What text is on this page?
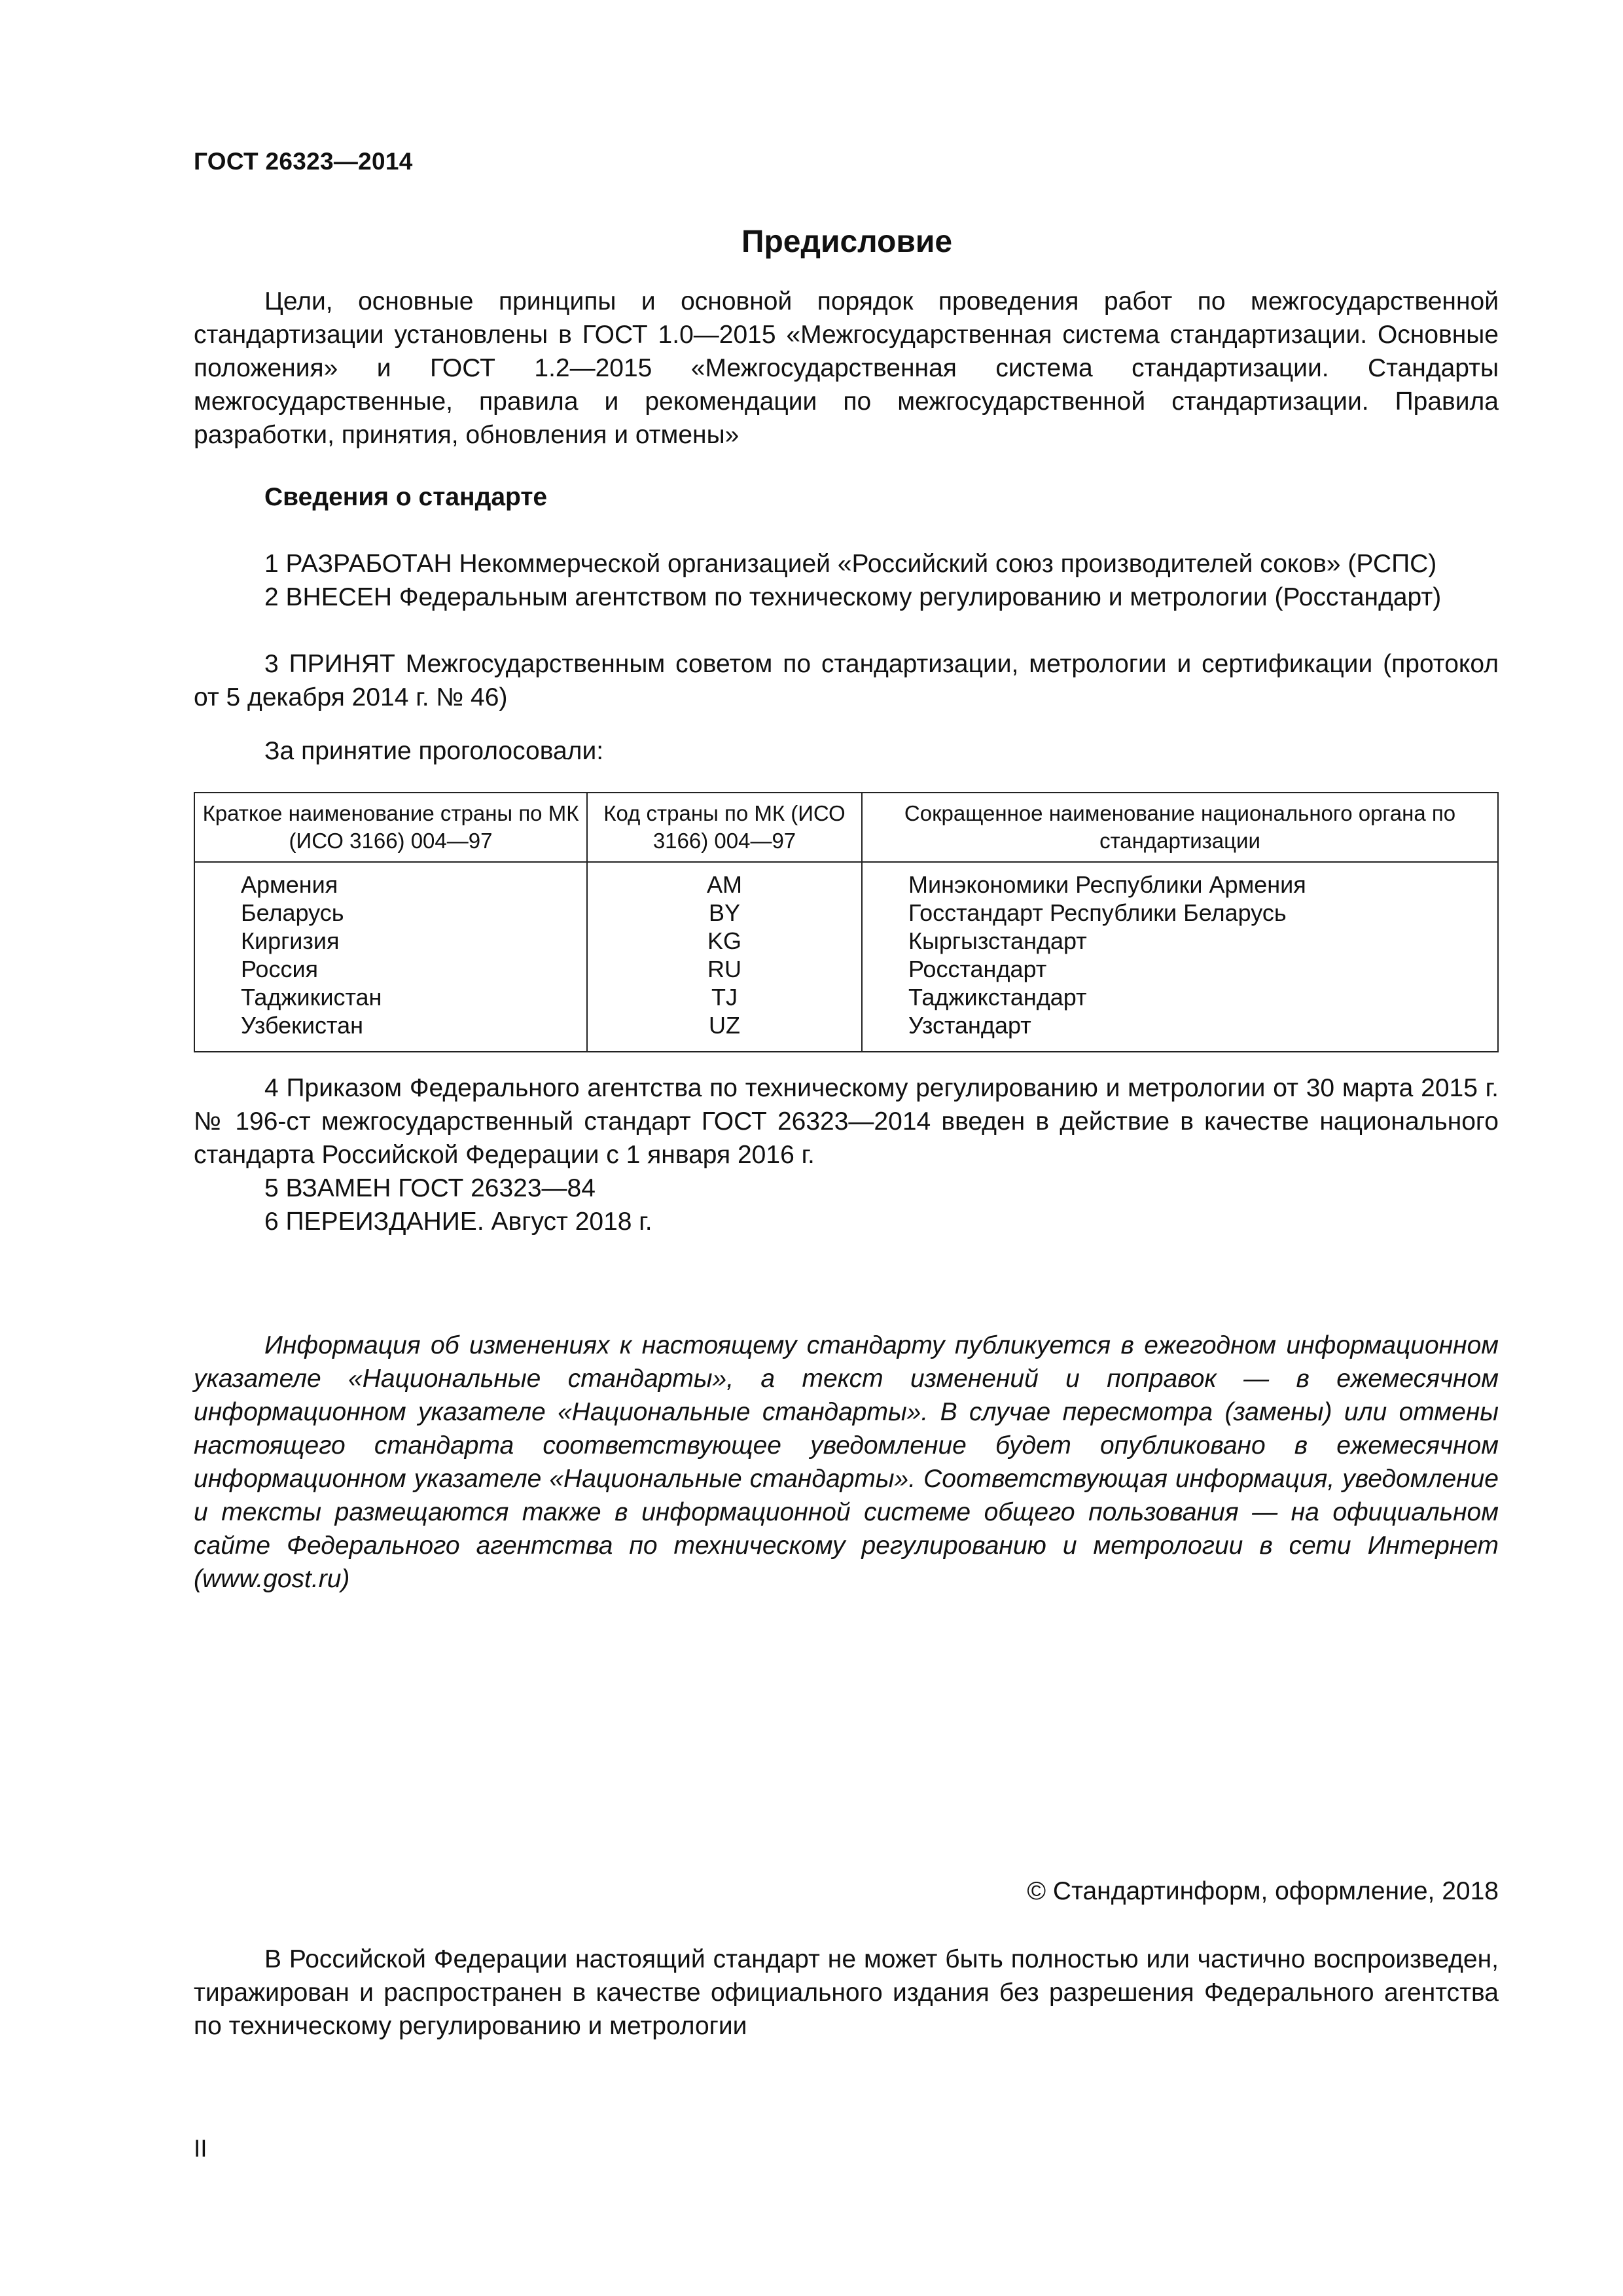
ГОСТ 26323—2014
Предисловие
Цели, основные принципы и основной порядок проведения работ по межгосударственной стандартизации установлены в ГОСТ 1.0—2015 «Межгосударственная система стандартизации. Основные положения» и ГОСТ 1.2—2015 «Межгосударственная система стандартизации. Стандарты межгосударственные, правила и рекомендации по межгосударственной стандартизации. Правила разработки, принятия, обновления и отмены»
Сведения о стандарте
1 РАЗРАБОТАН Некоммерческой организацией «Российский союз производителей соков» (РСПС)
2 ВНЕСЕН Федеральным агентством по техническому регулированию и метрологии (Росстандарт)
3 ПРИНЯТ Межгосударственным советом по стандартизации, метрологии и сертификации (протокол от 5 декабря 2014 г. № 46)
За принятие проголосовали:
Краткое наименование страны по МК (ИСО 3166) 004—97	Код страны по МК (ИСО 3166) 004—97	Сокращенное наименование национального органа по стандартизации

Армения	AM	Минэкономики Республики Армения
Беларусь	BY	Госстандарт Республики Беларусь
Киргизия	KG	Кыргызстандарт
Россия	RU	Росстандарт
Таджикистан	TJ	Таджикстандарт
Узбекистан	UZ	Узстандарт

4 Приказом Федерального агентства по техническому регулированию и метрологии от 30 марта 2015 г. № 196-ст межгосударственный стандарт ГОСТ 26323—2014 введен в действие в качестве национального стандарта Российской Федерации с 1 января 2016 г.
5 ВЗАМЕН ГОСТ 26323—84
6 ПЕРЕИЗДАНИЕ. Август 2018 г.
Информация об изменениях к настоящему стандарту публикуется в ежегодном информационном указателе «Национальные стандарты», а текст изменений и поправок — в ежемесячном информационном указателе «Национальные стандарты». В случае пересмотра (замены) или отмены настоящего стандарта соответствующее уведомление будет опубликовано в ежемесячном информационном указателе «Национальные стандарты». Соответствующая информация, уведомление и тексты размещаются также в информационной системе общего пользования — на официальном сайте Федерального агентства по техническому регулированию и метрологии в сети Интернет (www.gost.ru)
© Стандартинформ, оформление, 2018
В Российской Федерации настоящий стандарт не может быть полностью или частично воспроизведен, тиражирован и распространен в качестве официального издания без разрешения Федерального агентства по техническому регулированию и метрологии
II
